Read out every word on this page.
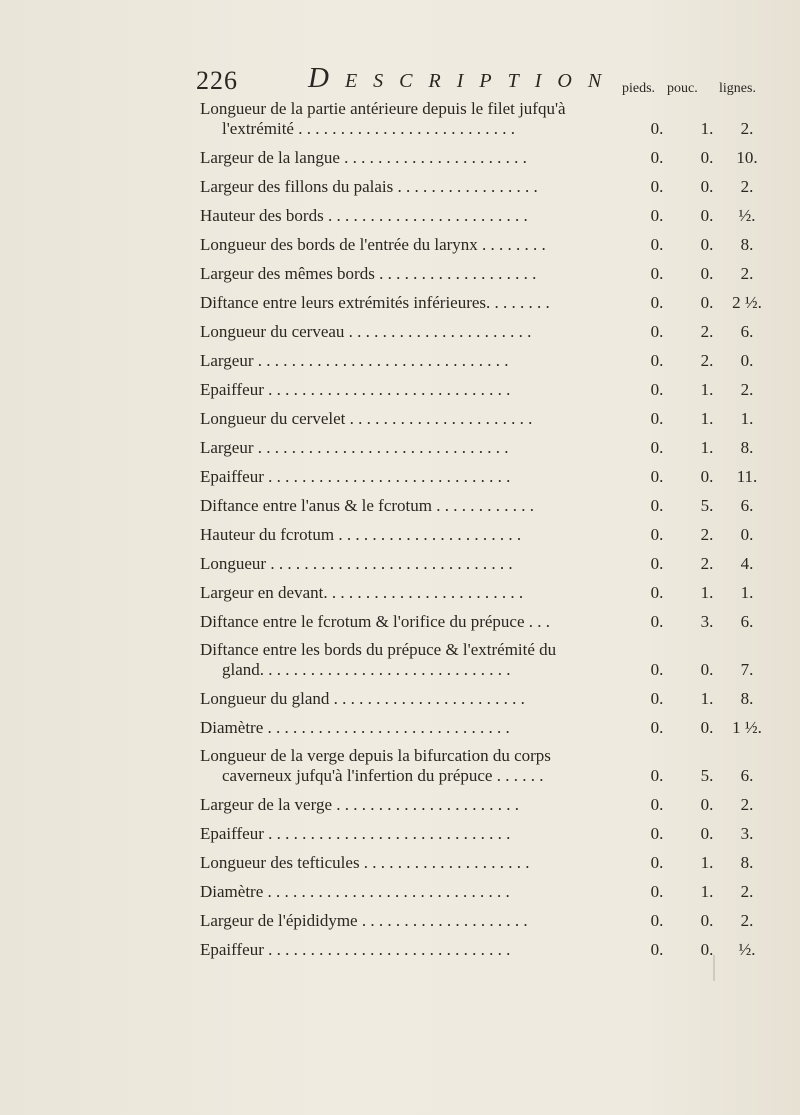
226 Description pieds. pouc. lignes.
Longueur de la partie antérieure depuis le filet jufqu'à
l'extrémité . . . . . . . . . . . . . . . . . . . . . . . . . .	0.	1.	2.
Largeur de la langue . . . . . . . . . . . . . . . . . . . . . .	0.	0.	10.
Largeur des fillons du palais . . . . . . . . . . . . . . . . .	0.	0.	2.
Hauteur des bords . . . . . . . . . . . . . . . . . . . . . . . .	0.	0.	½.
Longueur des bords de l'entrée du larynx . . . . . . . .	0.	0.	8.
Largeur des mêmes bords . . . . . . . . . . . . . . . . . . .	0.	0.	2.
Diftance entre leurs extrémités inférieures. . . . . . . .	0.	0.	2 ½.
Longueur du cerveau . . . . . . . . . . . . . . . . . . . . . .	0.	2.	6.
Largeur . . . . . . . . . . . . . . . . . . . . . . . . . . . . . .	0.	2.	0.
Epaiffeur . . . . . . . . . . . . . . . . . . . . . . . . . . . . .	0.	1.	2.
Longueur du cervelet . . . . . . . . . . . . . . . . . . . . . .	0.	1.	1.
Largeur . . . . . . . . . . . . . . . . . . . . . . . . . . . . . .	0.	1.	8.
Epaiffeur . . . . . . . . . . . . . . . . . . . . . . . . . . . . .	0.	0.	11.
Diftance entre l'anus & le fcrotum . . . . . . . . . . . .	0.	5.	6.
Hauteur du fcrotum . . . . . . . . . . . . . . . . . . . . . .	0.	2.	0.
Longueur . . . . . . . . . . . . . . . . . . . . . . . . . . . . .	0.	2.	4.
Largeur en devant. . . . . . . . . . . . . . . . . . . . . . . .	0.	1.	1.
Diftance entre le fcrotum & l'orifice du prépuce . . .	0.	3.	6.
Diftance entre les bords du prépuce & l'extrémité du
gland. . . . . . . . . . . . . . . . . . . . . . . . . . . . . .	0.	0.	7.
Longueur du gland . . . . . . . . . . . . . . . . . . . . . . .	0.	1.	8.
Diamètre . . . . . . . . . . . . . . . . . . . . . . . . . . . . .	0.	0.	1 ½.
Longueur de la verge depuis la bifurcation du corps
caverneux jufqu'à l'infertion du prépuce . . . . . .	0.	5.	6.
Largeur de la verge . . . . . . . . . . . . . . . . . . . . . .	0.	0.	2.
Epaiffeur . . . . . . . . . . . . . . . . . . . . . . . . . . . . .	0.	0.	3.
Longueur des tefticules . . . . . . . . . . . . . . . . . . . .	0.	1.	8.
Diamètre . . . . . . . . . . . . . . . . . . . . . . . . . . . . .	0.	1.	2.
Largeur de l'épididyme . . . . . . . . . . . . . . . . . . . .	0.	0.	2.
Epaiffeur . . . . . . . . . . . . . . . . . . . . . . . . . . . . .	0.	0.	½.
